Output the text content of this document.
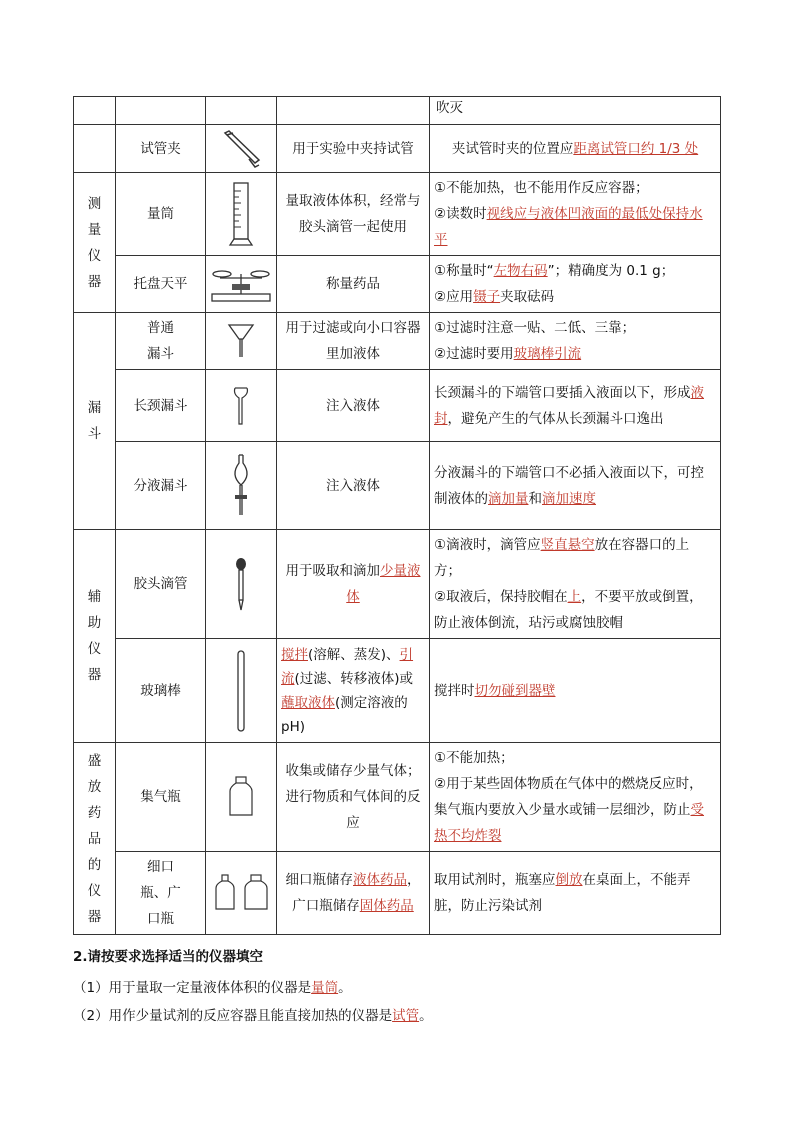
				吹灭
	试管夹		用于实验中夹持试管	夹试管时夹的位置应距离试管口约 1/3 处
测量仪器	量筒		量取液体体积，经常与胶头滴管一起使用	①不能加热，也不能用作反应容器；
②读数时视线应与液体凹液面的最低处保持水平

	托盘天平		称量药品	①称量时“左物右码”；精确度为 0.1 g；
②应用镊子夹取砝码

漏斗	普通漏斗		用于过滤或向小口容器里加液体	①过滤时注意一贴、二低、三靠；
②过滤时要用玻璃棒引流

	长颈漏斗		注入液体	长颈漏斗的下端管口要插入液面以下，形成液封，避免产生的气体从长颈漏斗口逸出
	分液漏斗		注入液体	分液漏斗的下端管口不必插入液面以下，可控制液体的滴加量和滴加速度
辅助仪器	胶头滴管		用于吸取和滴加少量液体	①滴液时，滴管应竖直悬空放在容器口的上方；
②取液后，保持胶帽在上，不要平放或倒置，防止液体倒流，玷污或腐蚀胶帽

	玻璃棒		搅拌(溶解、蒸发)、引流(过滤、转移液体)或蘸取液体(测定溶液的pH)	搅拌时切勿碰到器壁
盛放药品的仪器	集气瓶		收集或储存少量气体；进行物质和气体间的反应	①不能加热；
②用于某些固体物质在气体中的燃烧反应时，集气瓶内要放入少量水或铺一层细沙，防止受热不均炸裂

	细口瓶、广口瓶		细口瓶储存液体药品，广口瓶储存固体药品	取用试剂时，瓶塞应倒放在桌面上，不能弄脏，防止污染试剂
2.请按要求选择适当的仪器填空
（1）用于量取一定量液体体积的仪器是量筒。
（2）用作少量试剂的反应容器且能直接加热的仪器是试管。
